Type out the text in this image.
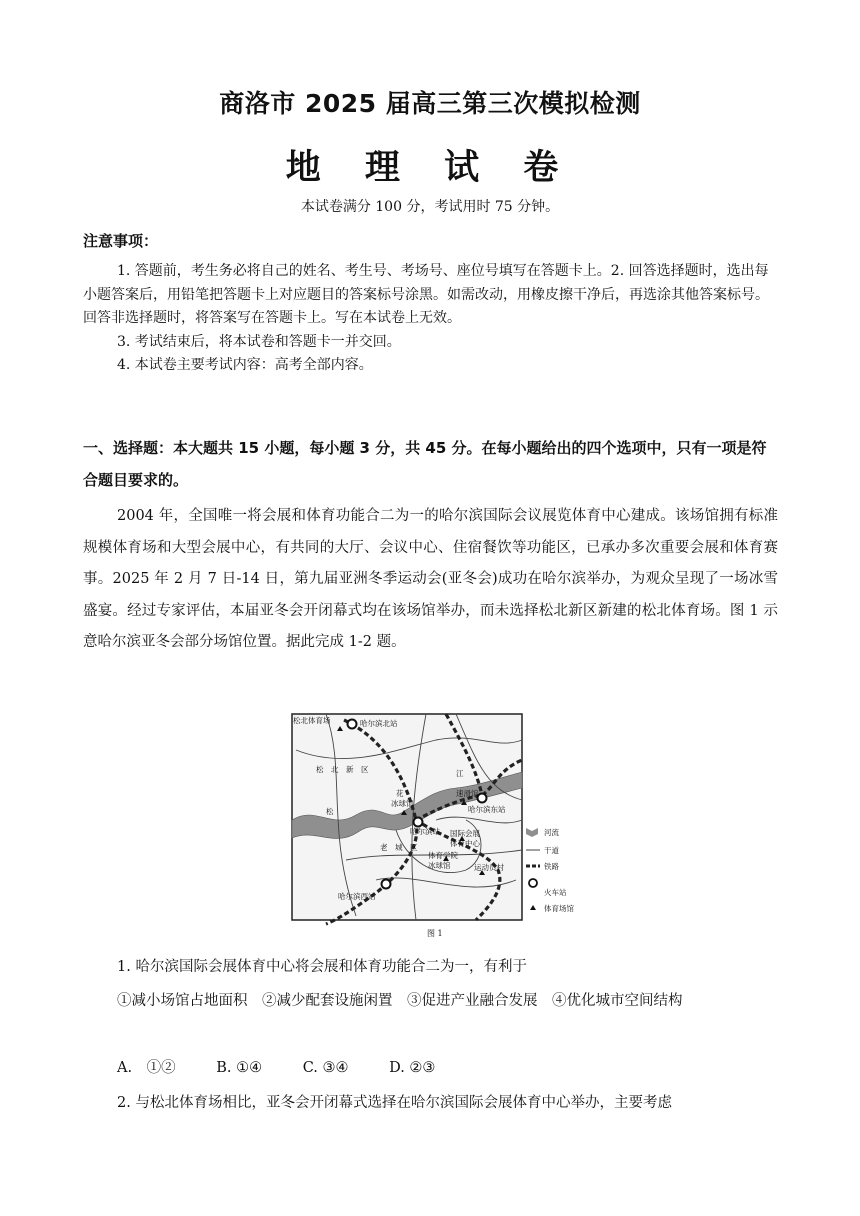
商洛市 2025 届高三第三次模拟检测
地 理 试 卷
本试卷满分 100 分，考试用时 75 分钟。
注意事项：

1. 答题前，考生务必将自己的姓名、考生号、考场号、座位号填写在答题卡上。2. 回答选择题时，选出每小题答案后，用铅笔把答题卡上对应题目的答案标号涂黑。如需改动，用橡皮擦干净后，再选涂其他答案标号。回答非选择题时，将答案写在答题卡上。写在本试卷上无效。

3. 考试结束后，将本试卷和答题卡一并交回。

4. 本试卷主要考试内容：高考全部内容。

一、选择题：本大题共 15 小题，每小题 3 分，共 45 分。在每小题给出的四个选项中，只有一项是符合题目要求的。
2004 年，全国唯一将会展和体育功能合二为一的哈尔滨国际会议展览体育中心建成。该场馆拥有标准规模体育场和大型会展中心，有共同的大厅、会议中心、住宿餐饮等功能区，已承办多次重要会展和体育赛事。2025 年 2 月 7 日-14 日，第九届亚洲冬季运动会(亚冬会)成功在哈尔滨举办，为观众呈现了一场冰雪盛宴。经过专家评估，本届亚冬会开闭幕式均在该场馆举办，而未选择松北新区新建的松北体育场。图 1 示意哈尔滨亚冬会部分场馆位置。据此完成 1-2 题。
松北体育场	哈尔滨北站
松　北　新　区
松
花
冰球馆
江
速滑馆
哈尔滨东站
哈尔滨站 国际会展
体育中心
老　城　区
体育学院
冰球馆	运动员村
哈尔滨西站
河流
干道
铁路
火车站
体育场馆
图 1
1. 哈尔滨国际会展体育中心将会展和体育功能合二为一，有利于
①减小场馆占地面积　②减少配套设施闲置　③促进产业融合发展　④优化城市空间结构
A.　①②	B. ①④	C. ③④	D. ②③
2. 与松北体育场相比，亚冬会开闭幕式选择在哈尔滨国际会展体育中心举办，主要考虑
